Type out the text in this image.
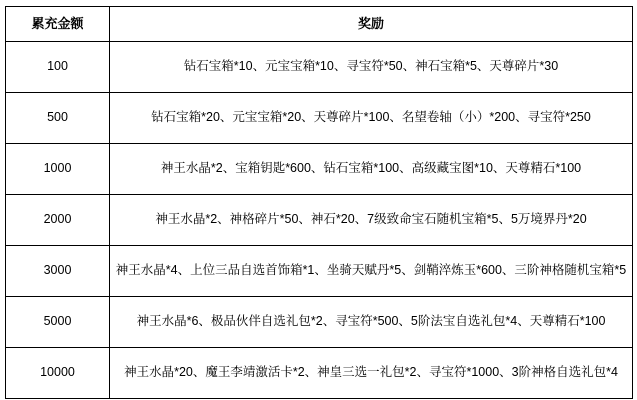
累充金额	奖励
100	钻石宝箱*10、元宝宝箱*10、寻宝符*50、神石宝箱*5、天尊碎片*30
500	钻石宝箱*20、元宝宝箱*20、天尊碎片*100、名望卷轴（小）*200、寻宝符*250
1000	神王水晶*2、宝箱钥匙*600、钻石宝箱*100、高级藏宝图*10、天尊精石*100
2000	神王水晶*2、神格碎片*50、神石*20、7级致命宝石随机宝箱*5、5万境界丹*20
3000	神王水晶*4、上位三品自选首饰箱*1、坐骑天赋丹*5、剑鞘淬炼玉*600、三阶神格随机宝箱*5
5000	神王水晶*6、极品伙伴自选礼包*2、寻宝符*500、5阶法宝自选礼包*4、天尊精石*100
10000	神王水晶*20、魔王李靖激活卡*2、神皇三选一礼包*2、寻宝符*1000、3阶神格自选礼包*4
